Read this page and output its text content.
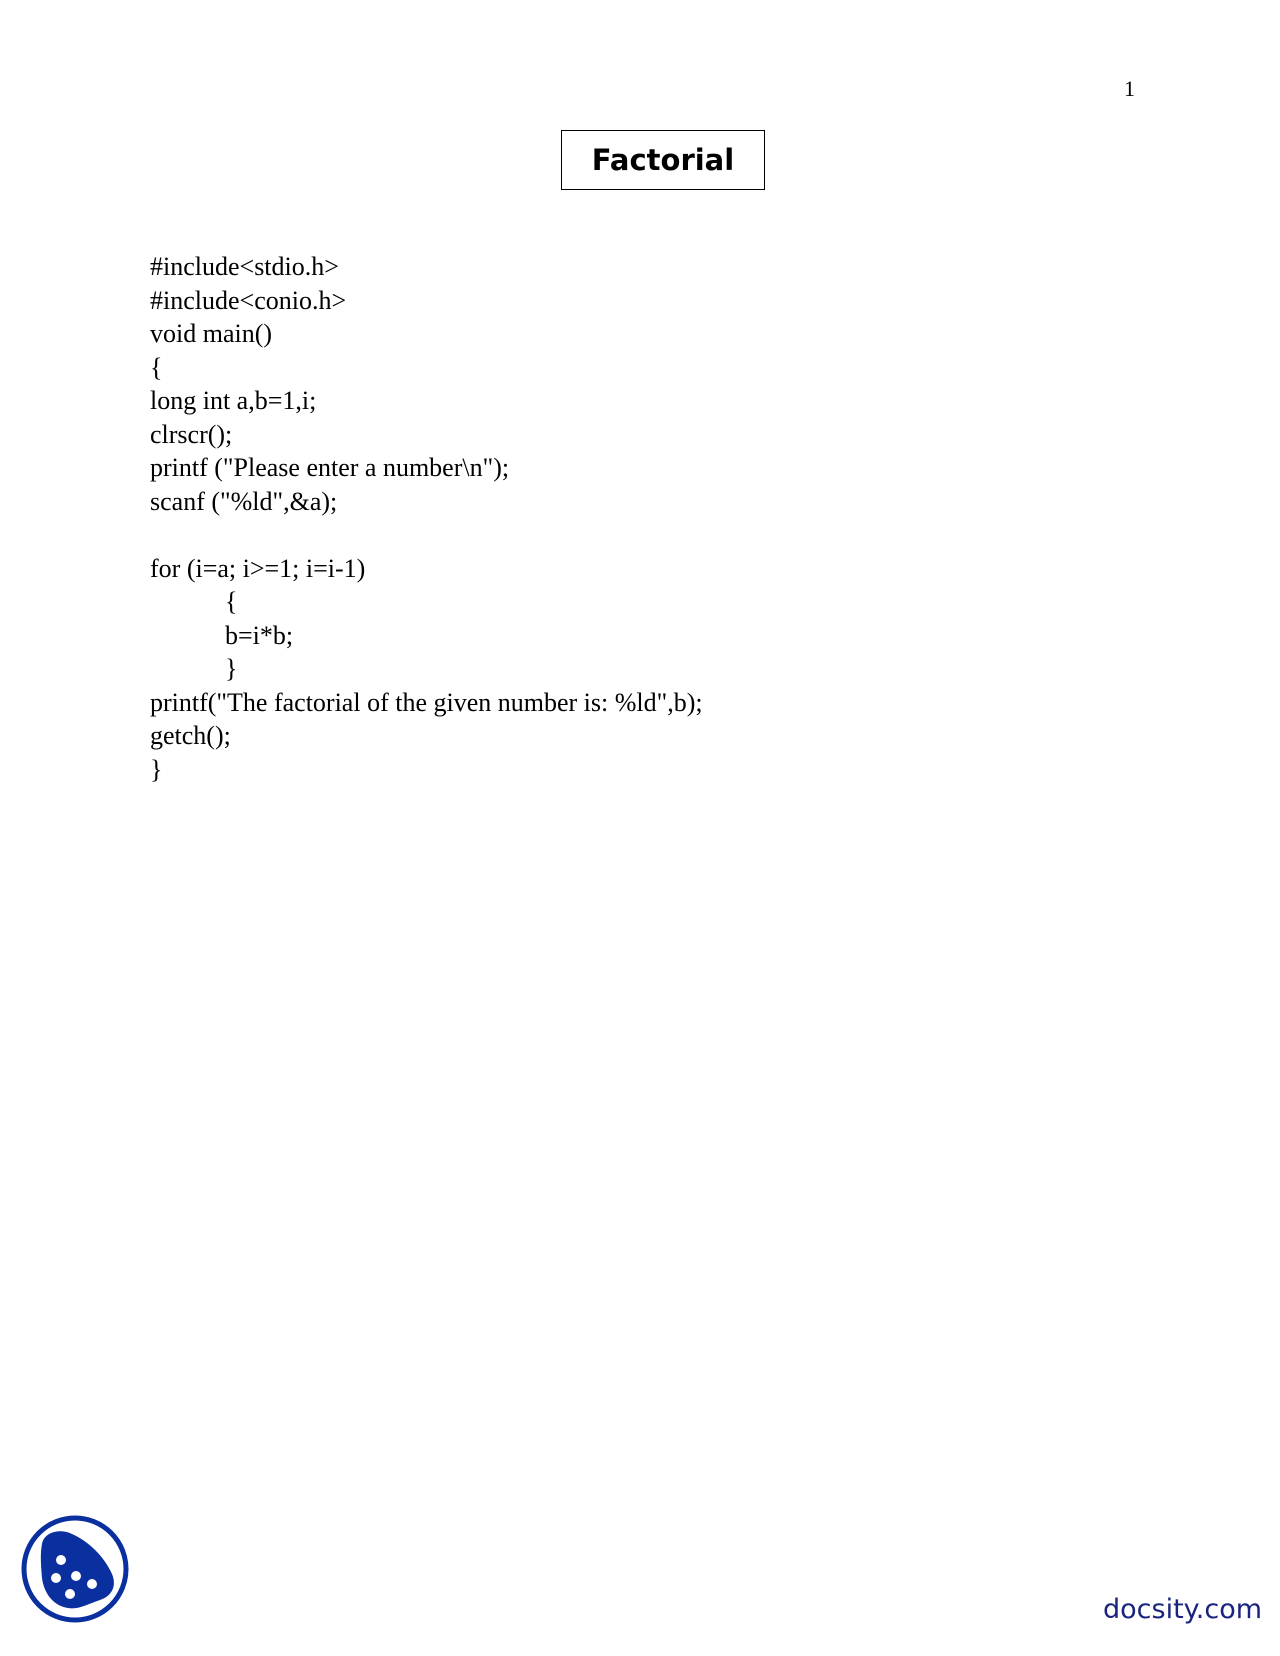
1
Factorial
#include<stdio.h>
#include<conio.h>
void main()
{
long int a,b=1,i;
clrscr();
printf ("Please enter a number\n");
scanf ("%ld",&a);
for (i=a; i>=1; i=i-1)
{
b=i*b;
}
printf("The factorial of the given number is: %ld",b);
getch();
}
docsity.com
